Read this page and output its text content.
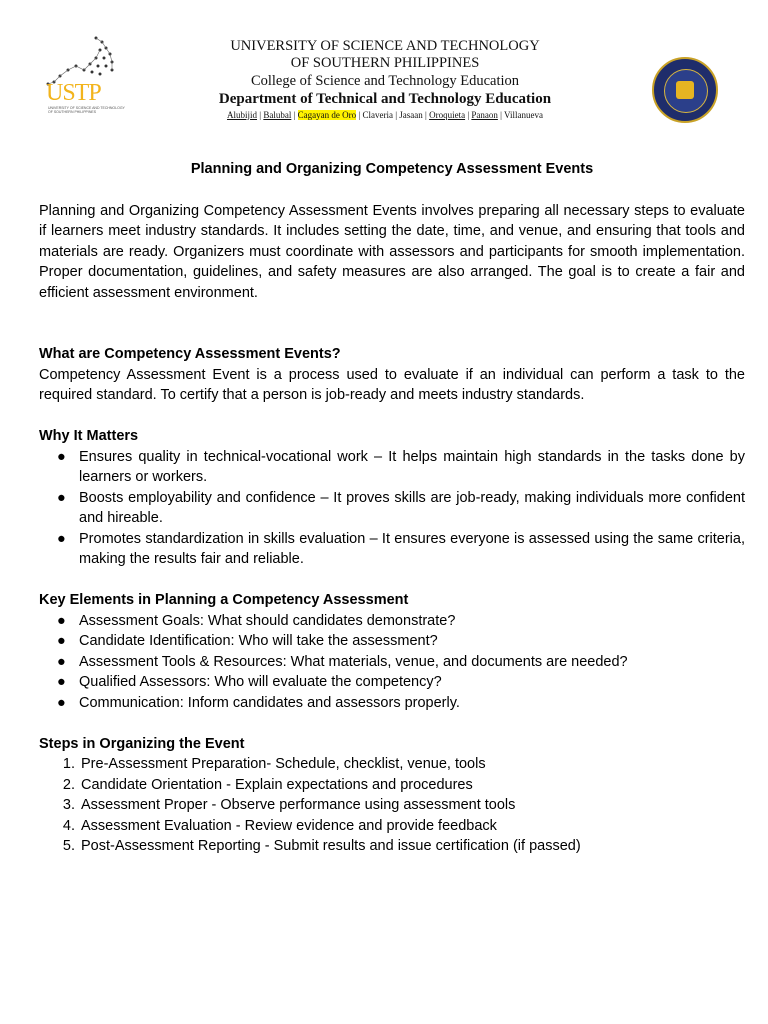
USTP
UNIVERSITY OF SCIENCE AND TECHNOLOGY OF SOUTHERN PHILIPPINES
UNIVERSITY OF SCIENCE AND TECHNOLOGY
OF SOUTHERN PHILIPPINES
College of Science and Technology Education
Department of Technical and Technology Education
Alubijid | Balubal | Cagayan de Oro | Claveria | Jasaan | Oroquieta | Panaon | Villanueva
Planning and Organizing Competency Assessment Events

Planning and Organizing Competency Assessment Events involves preparing all necessary steps to evaluate if learners meet industry standards. It includes setting the date, time, and venue, and ensuring that tools and materials are ready. Organizers must coordinate with assessors and participants for smooth implementation. Proper documentation, guidelines, and safety measures are also arranged. The goal is to create a fair and efficient assessment environment.

What are Competency Assessment Events?

Competency Assessment Event is a process used to evaluate if an individual can perform a task to the required standard. To certify that a person is job-ready and meets industry standards.

Why It Matters
● Ensures quality in technical-vocational work – It helps maintain high standards in the tasks done by learners or workers.
● Boosts employability and confidence – It proves skills are job-ready, making individuals more confident and hireable.
● Promotes standardization in skills evaluation – It ensures everyone is assessed using the same criteria, making the results fair and reliable.
Key Elements in Planning a Competency Assessment
● Assessment Goals: What should candidates demonstrate?
● Candidate Identification: Who will take the assessment?
● Assessment Tools & Resources: What materials, venue, and documents are needed?
● Qualified Assessors: Who will evaluate the competency?
● Communication: Inform candidates and assessors properly.
Steps in Organizing the Event
1. Pre-Assessment Preparation- Schedule, checklist, venue, tools
2. Candidate Orientation - Explain expectations and procedures
3. Assessment Proper - Observe performance using assessment tools
4. Assessment Evaluation - Review evidence and provide feedback
5. Post-Assessment Reporting - Submit results and issue certification (if passed)
